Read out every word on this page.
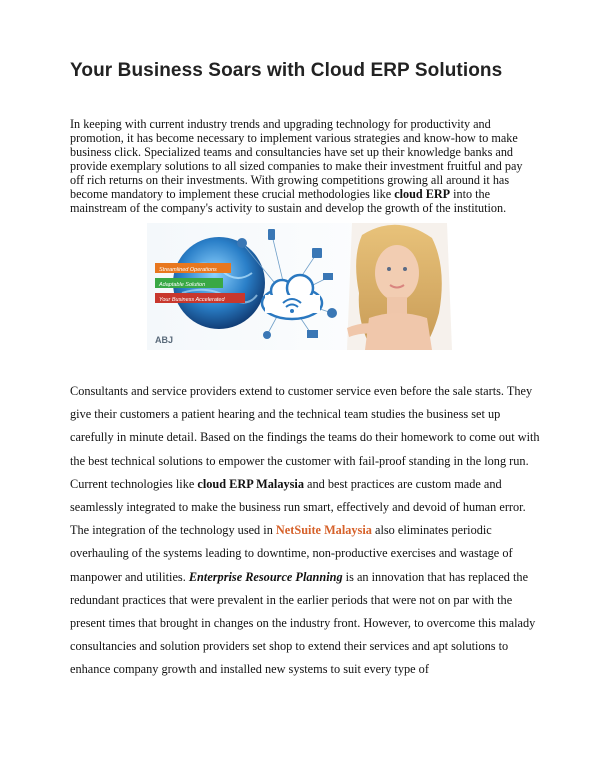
Your Business Soars with Cloud ERP Solutions

In keeping with current industry trends and upgrading technology for productivity and promotion, it has become necessary to implement various strategies and know-how to make business click. Specialized teams and consultancies have set up their knowledge banks and provide exemplary solutions to all sized companies to make their investment fruitful and pay off rich returns on their investments. With growing competitions growing all around it has become mandatory to implement these crucial methodologies like cloud ERP into the mainstream of the company's activity to sustain and develop the growth of the institution.

Streamlined Operations
Adaptable Solution
Your Business Accelerated
ABJ

Consultants and service providers extend to customer service even before the sale starts. They give their customers a patient hearing and the technical team studies the business set up carefully in minute detail. Based on the findings the teams do their homework to come out with the best technical solutions to empower the customer with fail-proof standing in the long run. Current technologies like cloud ERP Malaysia and best practices are custom made and seamlessly integrated to make the business run smart, effectively and devoid of human error. The integration of the technology used in NetSuite Malaysia also eliminates periodic overhauling of the systems leading to downtime, non-productive exercises and wastage of manpower and utilities. Enterprise Resource Planning is an innovation that has replaced the redundant practices that were prevalent in the earlier periods that were not on par with the present times that brought in changes on the industry front. However, to overcome this malady consultancies and solution providers set shop to extend their services and apt solutions to enhance company growth and installed new systems to suit every type of
